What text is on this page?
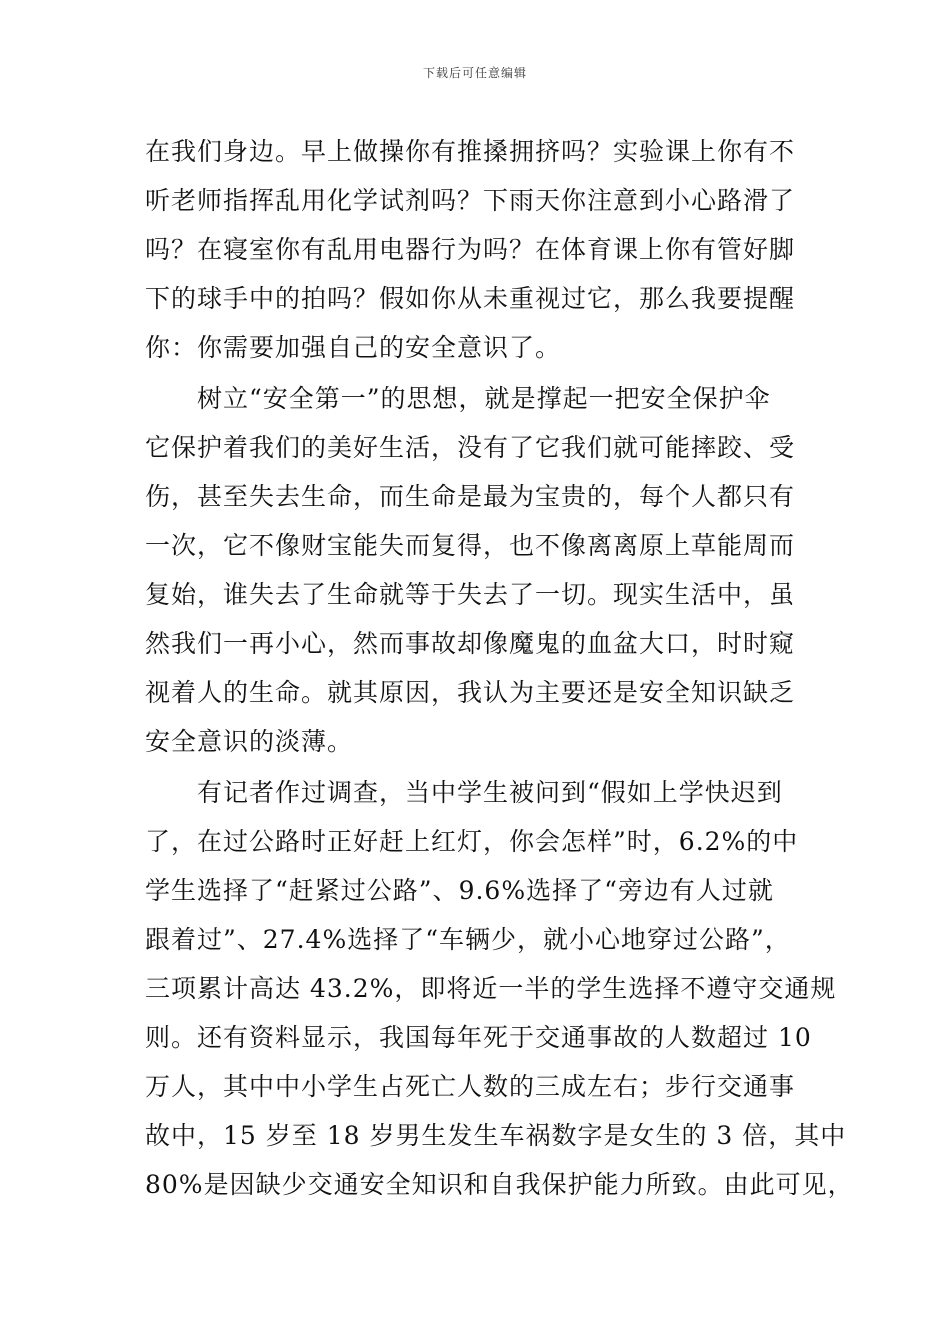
下载后可任意编辑
在我们身边。早上做操你有推搡拥挤吗？实验课上你有不
听老师指挥乱用化学试剂吗？下雨天你注意到小心路滑了
吗？在寝室你有乱用电器行为吗？在体育课上你有管好脚
下的球手中的拍吗？假如你从未重视过它，那么我要提醒
你：你需要加强自己的安全意识了。
树立“安全第一”的思想，就是撑起一把安全保护伞
它保护着我们的美好生活，没有了它我们就可能摔跤、受
伤，甚至失去生命，而生命是最为宝贵的，每个人都只有
一次，它不像财宝能失而复得，也不像离离原上草能周而
复始，谁失去了生命就等于失去了一切。现实生活中，虽
然我们一再小心，然而事故却像魔鬼的血盆大口，时时窥
视着人的生命。就其原因，我认为主要还是安全知识缺乏
安全意识的淡薄。
有记者作过调查，当中学生被问到“假如上学快迟到
了，在过公路时正好赶上红灯，你会怎样”时，6.2%的中
学生选择了“赶紧过公路”、9.6%选择了“旁边有人过就
跟着过”、27.4%选择了“车辆少，就小心地穿过公路”，
三项累计高达 43.2%，即将近一半的学生选择不遵守交通规
则。还有资料显示，我国每年死于交通事故的人数超过 10
万人，其中中小学生占死亡人数的三成左右；步行交通事
故中，15 岁至 18 岁男生发生车祸数字是女生的 3 倍，其中
80%是因缺少交通安全知识和自我保护能力所致。由此可见，
